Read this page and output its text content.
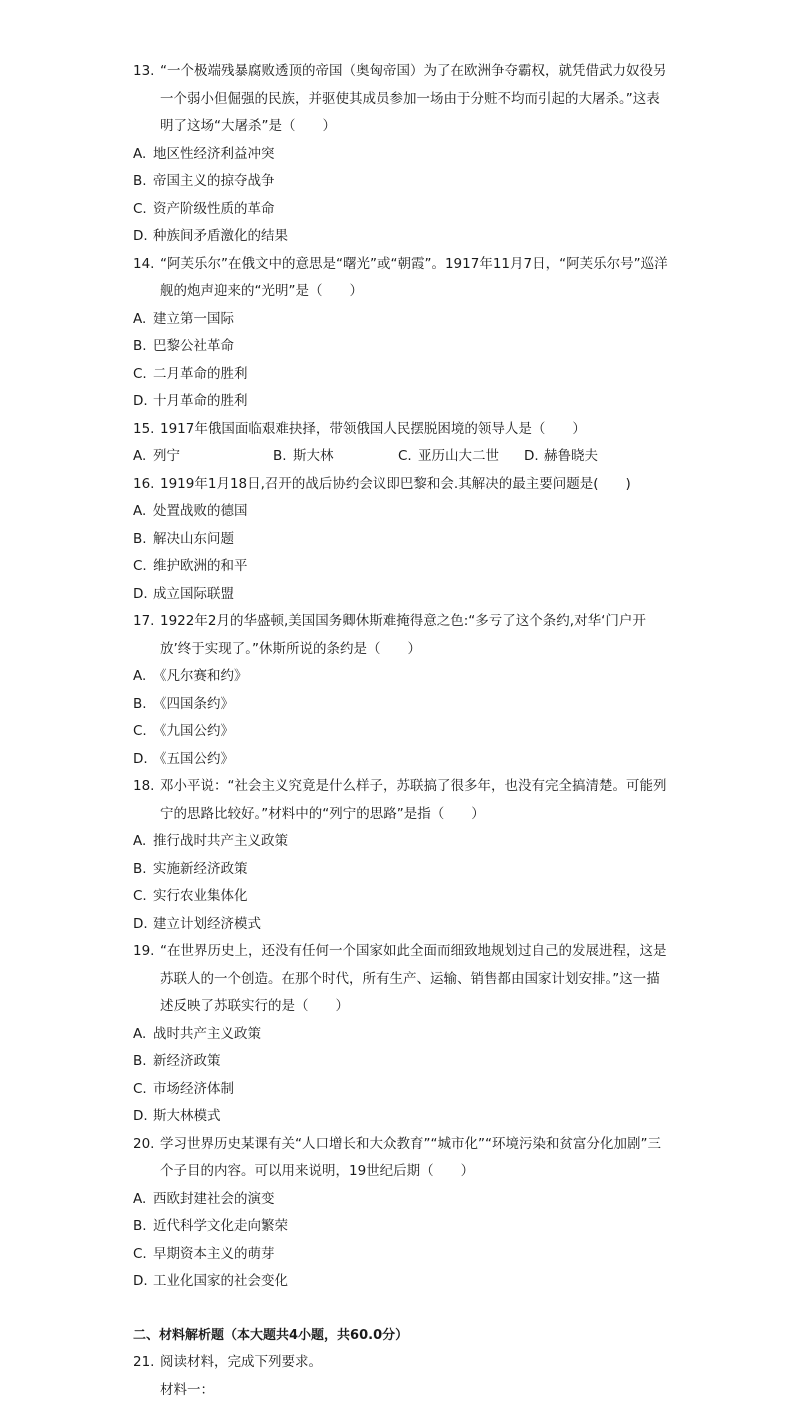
13. “一个极端残暴腐败透顶的帝国（奥匈帝国）为了在欧洲争夺霸权，就凭借武力奴役另一个弱小但倔强的民族，并驱使其成员参加一场由于分赃不均而引起的大屠杀。”这表明了这场“大屠杀”是（　　）
A. 地区性经济利益冲突
B. 帝国主义的掠夺战争
C. 资产阶级性质的革命
D. 种族间矛盾激化的结果
14. “阿芙乐尔”在俄文中的意思是“曙光”或“朝霞”。1917年11月7日，“阿芙乐尔号”巡洋舰的炮声迎来的“光明”是（　　）
A. 建立第一国际
B. 巴黎公社革命
C. 二月革命的胜利
D. 十月革命的胜利
15. 1917年俄国面临艰难抉择，带领俄国人民摆脱困境的领导人是（　　）
A. 列宁	B. 斯大林	C. 亚历山大二世 D. 赫鲁晓夫
16. 1919年1月18日,召开的战后协约会议即巴黎和会.其解决的最主要问题是(　　)
A. 处置战败的德国
B. 解决山东问题
C. 维护欧洲的和平
D. 成立国际联盟
17. 1922年2月的华盛顿,美国国务卿休斯难掩得意之色:“多亏了这个条约,对华‘门户开放’终于实现了。”休斯所说的条约是（　　）
A. 《凡尔赛和约》
B. 《四国条约》
C. 《九国公约》
D. 《五国公约》
18. 邓小平说：“社会主义究竟是什么样子，苏联搞了很多年，也没有完全搞清楚。可能列宁的思路比较好。”材料中的“列宁的思路”是指（　　）
A. 推行战时共产主义政策
B. 实施新经济政策
C. 实行农业集体化
D. 建立计划经济模式
19. “在世界历史上，还没有任何一个国家如此全面而细致地规划过自己的发展进程，这是苏联人的一个创造。在那个时代，所有生产、运输、销售都由国家计划安排。”这一描述反映了苏联实行的是（　　）
A. 战时共产主义政策
B. 新经济政策
C. 市场经济体制
D. 斯大林模式
20. 学习世界历史某课有关“人口增长和大众教育”“城市化”“环境污染和贫富分化加剧”三个子目的内容。可以用来说明，19世纪后期（　　）
A. 西欧封建社会的演变
B. 近代科学文化走向繁荣
C. 早期资本主义的萌芽
D. 工业化国家的社会变化
二、材料解析题（本大题共4小题，共60.0分）
21. 阅读材料，完成下列要求。
材料一：
